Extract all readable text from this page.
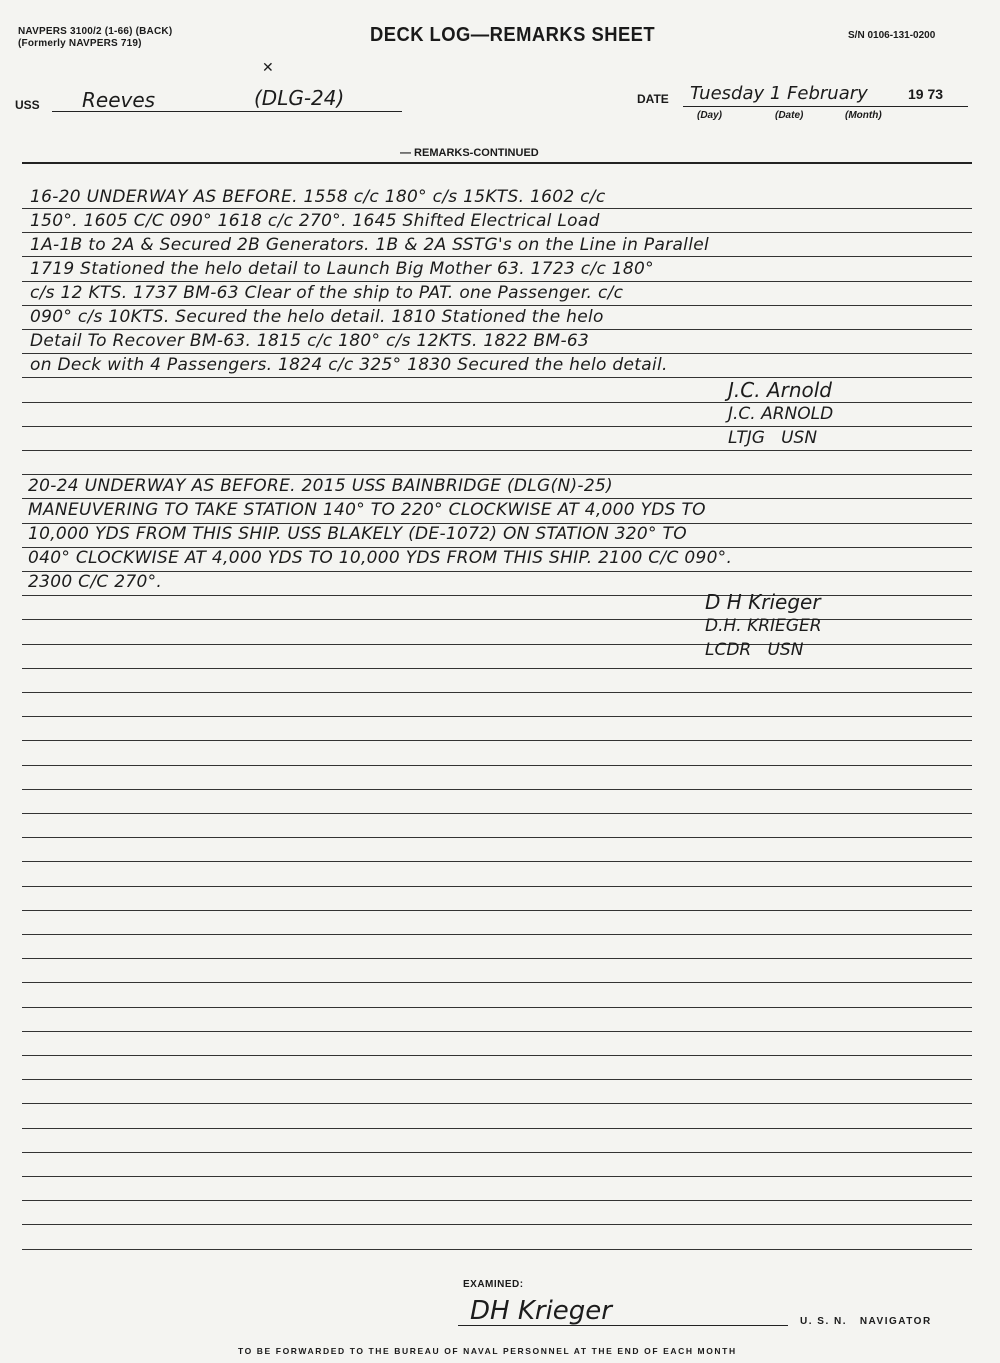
NAVPERS 3100/2 (1-66) (BACK)
(Formerly NAVPERS 719)	DECK LOG—REMARKS SHEET	S/N 0106-131-0200
✕
USS Reeves	(DLG-24)	DATE Tuesday 1 February	19 73
(Day)	(Date)	(Month)
— REMARKS-CONTINUED
16-20 UNDERWAY AS BEFORE. 1558 c/c 180° c/s 15KTS. 1602 c/c
150°. 1605 C/C 090° 1618 c/c 270°. 1645 Shifted Electrical Load
1A-1B to 2A & Secured 2B Generators. 1B & 2A SSTG's on the Line in Parallel
1719 Stationed the helo detail to Launch Big Mother 63. 1723 c/c 180°
c/s 12 KTS. 1737 BM-63 Clear of the ship to PAT. one Passenger. c/c
090° c/s 10KTS. Secured the helo detail. 1810 Stationed the helo
Detail To Recover BM-63. 1815 c/c 180° c/s 12KTS. 1822 BM-63
on Deck with 4 Passengers. 1824 c/c 325° 1830 Secured the helo detail.
J.C. Arnold
J.C. ARNOLD
LTJG   USN
20-24 UNDERWAY AS BEFORE. 2015 USS BAINBRIDGE (DLG(N)-25)
MANEUVERING TO TAKE STATION 140° TO 220° CLOCKWISE AT 4,000 YDS TO
10,000 YDS FROM THIS SHIP. USS BLAKELY (DE-1072) ON STATION 320° TO
040° CLOCKWISE AT 4,000 YDS TO 10,000 YDS FROM THIS SHIP. 2100 C/C 090°.
2300 C/C 270°.
D H Krieger
D.H. KRIEGER
LCDR   USN
EXAMINED:
DH Krieger	U. S. N.   NAVIGATOR
TO BE FORWARDED TO THE BUREAU OF NAVAL PERSONNEL AT THE END OF EACH MONTH
